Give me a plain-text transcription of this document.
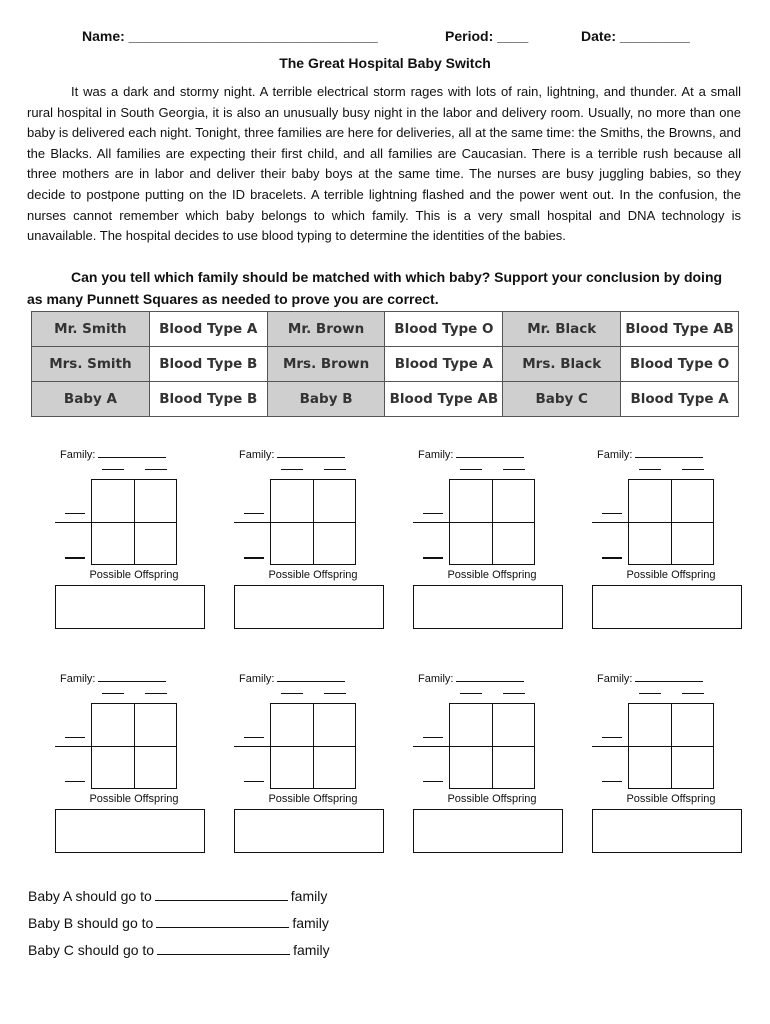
Name: ________________________________	Period: ____	Date: _________
The Great Hospital Baby Switch

It was a dark and stormy night. A terrible electrical storm rages with lots of rain, lightning, and thunder. At a small rural hospital in South Georgia, it is also an unusually busy night in the labor and delivery room. Usually, no more than one baby is delivered each night. Tonight, three families are here for deliveries, all at the same time: the Smiths, the Browns, and the Blacks. All families are expecting their first child, and all families are Caucasian. There is a terrible rush because all three mothers are in labor and deliver their baby boys at the same time. The nurses are busy juggling babies, so they decide to postpone putting on the ID bracelets. A terrible lightning flashed and the power went out. In the confusion, the nurses cannot remember which baby belongs to which family. This is a very small hospital and DNA technology is unavailable. The hospital decides to use blood typing to determine the identities of the babies.

Can you tell which family should be matched with which baby? Support your conclusion by doing as many Punnett Squares as needed to prove you are correct.

Mr. Smith	Blood Type A	Mr. Brown	Blood Type O	Mr. Black	Blood Type AB
Mrs. Smith	Blood Type B	Mrs. Brown	Blood Type A	Mrs. Black	Blood Type O
Baby A	Blood Type B	Baby B	Blood Type AB	Baby C	Blood Type A
Family:
Possible Offspring
Family:
Possible Offspring
Family:
Possible Offspring
Family:
Possible Offspring
Family:
Possible Offspring
Family:
Possible Offspring
Family:
Possible Offspring
Family:
Possible Offspring
Baby A should go to	family
Baby B should go to	family
Baby C should go to	family
